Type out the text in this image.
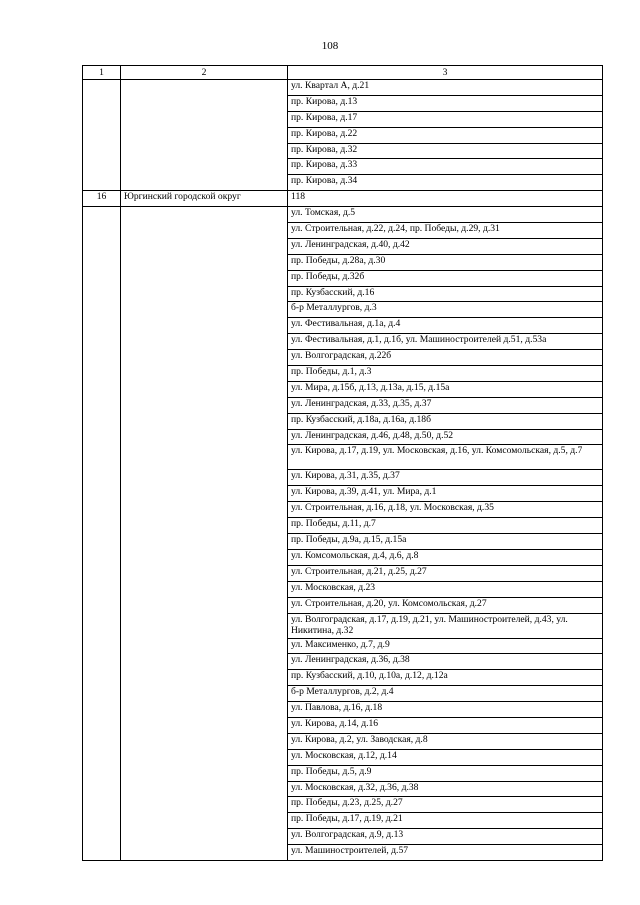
108
1	2	3
		ул. Квартал А, д.21
		пр. Кирова, д.13
		пр. Кирова, д.17
		пр. Кирова, д.22
		пр. Кирова, д.32
		пр. Кирова, д.33
		пр. Кирова, д.34
16	Юргинский городской округ	118
		ул. Томская, д.5
		ул. Строительная, д.22, д.24, пр. Победы, д.29, д.31
		ул. Ленинградская, д.40, д.42
		пр. Победы, д.28а, д.30
		пр. Победы, д.32б
		пр. Кузбасский, д.16
		б-р Металлургов, д.3
		ул. Фестивальная, д.1а, д.4
		ул. Фестивальная, д.1, д.1б, ул. Машиностроителей д.51, д.53а
		ул. Волгоградская, д.22б
		пр. Победы, д.1, д.3
		ул. Мира, д.15б, д.13, д.13а, д.15, д.15а
		ул. Ленинградская, д.33, д.35, д.37
		пр. Кузбасский, д.18а, д.16а, д.18б
		ул. Ленинградская, д.46, д.48, д.50, д.52
		ул. Кирова, д.17, д.19, ул. Московская, д.16, ул. Комсомольская, д.5, д.7
		ул. Кирова, д.31, д.35, д.37
		ул. Кирова, д.39, д.41, ул. Мира, д.1
		ул. Строительная, д.16, д.18, ул. Московская, д.35
		пр. Победы, д.11, д.7
		пр. Победы, д.9а, д.15, д.15а
		ул. Комсомольская, д.4, д.6, д.8
		ул. Строительная, д.21, д.25, д.27
		ул. Московская, д.23
		ул. Строительная, д.20, ул. Комсомольская, д.27
		ул. Волгоградская, д.17, д.19, д.21, ул. Машиностроителей, д.43, ул. Никитина, д.32
		ул. Максименко, д.7, д.9
		ул. Ленинградская, д.36, д.38
		пр. Кузбасский, д.10, д.10а, д.12, д.12а
		б-р Металлургов, д.2, д.4
		ул. Павлова, д.16, д.18
		ул. Кирова, д.14, д.16
		ул. Кирова, д.2, ул. Заводская, д.8
		ул. Московская, д.12, д.14
		пр. Победы, д.5, д.9
		ул. Московская, д.32, д.36, д.38
		пр. Победы, д.23, д.25, д.27
		пр. Победы, д.17, д.19, д.21
		ул. Волгоградская, д.9, д.13
		ул. Машиностроителей, д.57
